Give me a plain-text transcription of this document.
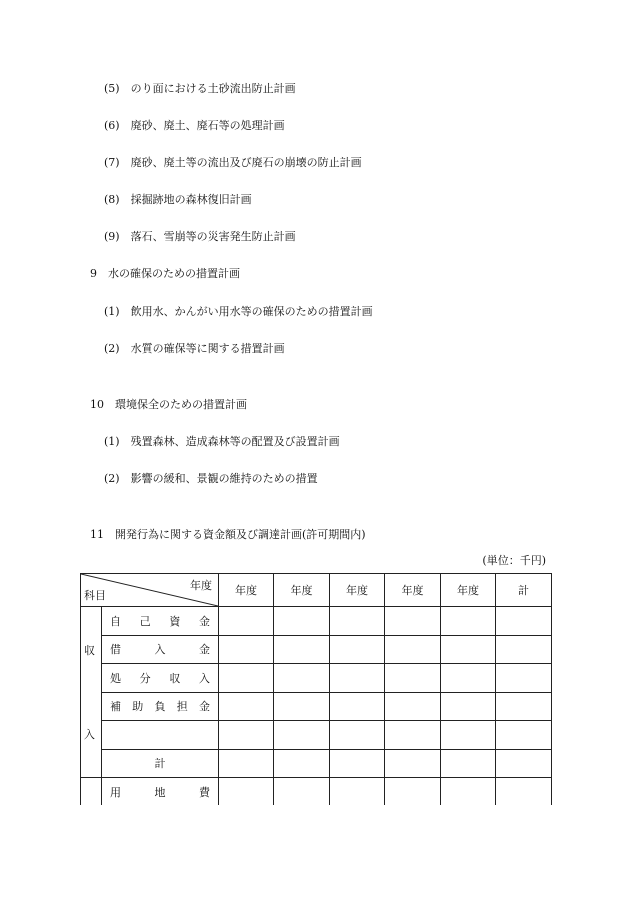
(5)　のり面における土砂流出防止計画
(6)　廃砂、廃土、廃石等の処理計画
(7)　廃砂、廃土等の流出及び廃石の崩壊の防止計画
(8)　採掘跡地の森林復旧計画
(9)　落石、雪崩等の災害発生防止計画
9　水の確保のための措置計画
(1)　飲用水、かんがい用水等の確保のための措置計画
(2)　水質の確保等に関する措置計画
10　環境保全のための措置計画
(1)　残置森林、造成森林等の配置及び設置計画
(2)　影響の緩和、景観の維持のための措置
11　開発行為に関する資金額及び調達計画(許可期間内)
(単位：千円)
年度
科目		年度	年度	年度	年度	年度	計

収
入	自　己　資　金						
	借　　入　　金						
	処　分　収　入						
	補　助　負　担　金						

	計						
	用　　地　　費						
